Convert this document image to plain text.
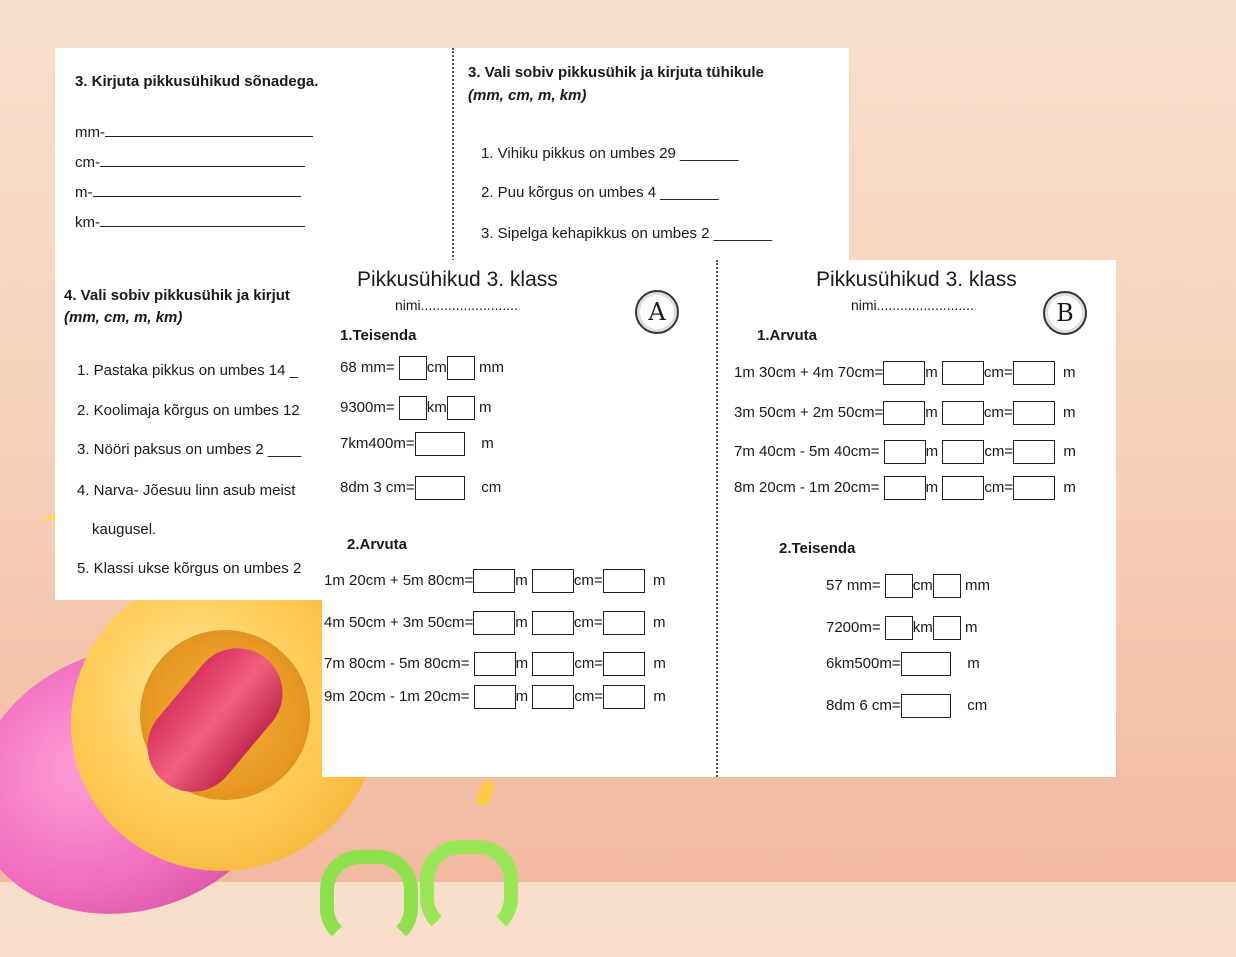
3. Kirjuta pikkusühikud sõnadega.
mm-
cm-
m-
km-
3. Vali sobiv pikkusühik ja kirjuta tühikule
(mm, cm, m, km)
1. Vihiku pikkus on umbes 29 _______
2. Puu kõrgus on umbes 4 _______
3. Sipelga kehapikkus on umbes 2 _______
4. Vali sobiv pikkusühik ja kirjut
(mm, cm, m, km)
1. Pastaka pikkus on umbes 14 _
2. Koolimaja kõrgus on umbes 12
3. Nööri paksus on umbes 2 ____
4. Narva- Jõesuu linn asub meist
kaugusel.
5. Klassi ukse kõrgus on umbes 2
Pikkusühikud 3. klass
nimi.........................	A
1.Teisenda
68 mm= cm mm
9300m= km m
7km400m=	m
8dm 3 cm=	cm
2.Arvuta
1m 20cm + 5m 80cm=	m	cm=	m
4m 50cm + 3m 50cm=	m	cm=	m
7m 80cm - 5m 80cm=	m	cm=	m
9m 20cm - 1m 20cm=	m	cm=	m
Pikkusühikud 3. klass
nimi.........................	B
1.Arvuta
1m 30cm + 4m 70cm=	m	cm=	m
3m 50cm + 2m 50cm=	m	cm=	m
7m 40cm - 5m 40cm=	m	cm=	m
8m 20cm - 1m 20cm=	m	cm=	m
2.Teisenda
57 mm= cm mm
7200m= km m
6km500m=	m
8dm 6 cm=	cm
